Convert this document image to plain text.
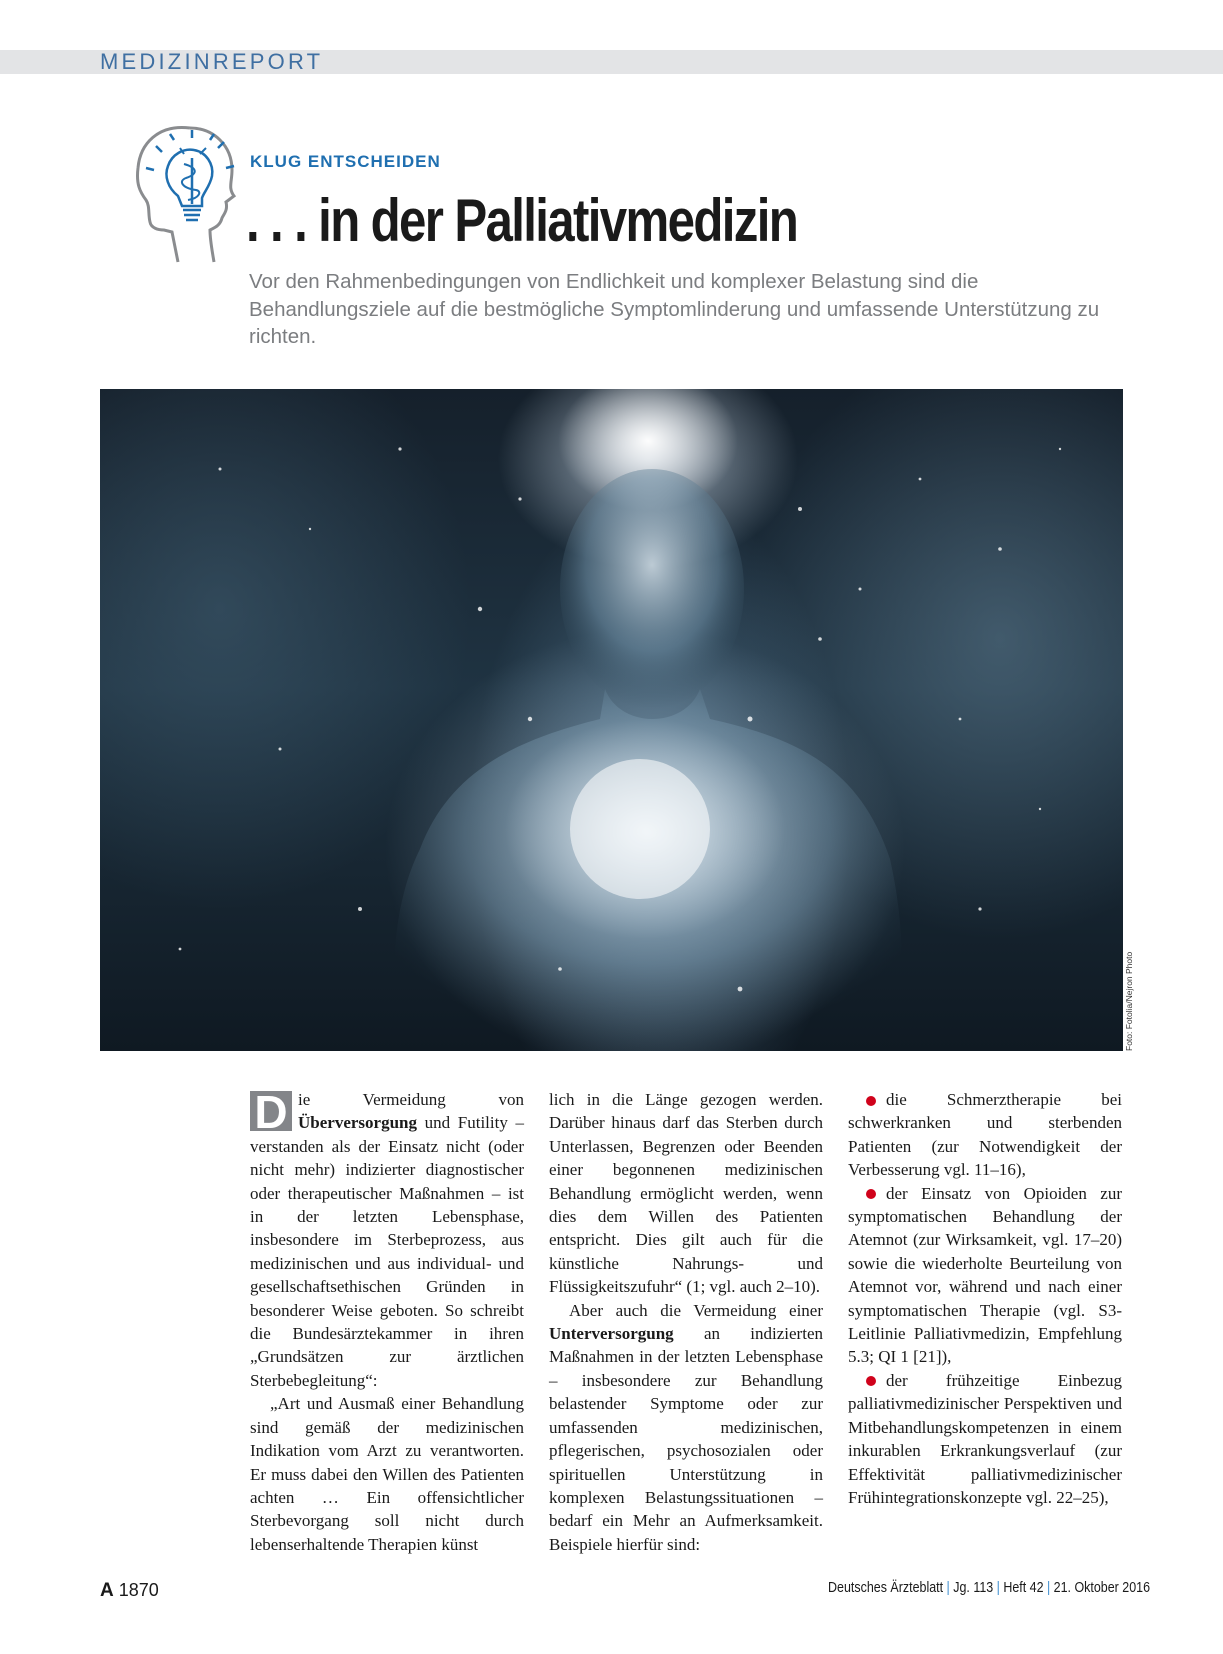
MEDIZINREPORT
KLUG ENTSCHEIDEN
. . . in der Palliativmedizin

Vor den Rahmenbedingungen von Endlichkeit und komplexer Belastung sind die Behandlungsziele auf die bestmögliche Symptomlinderung und umfassende Unterstützung zu richten.

Foto: Fotolia/Nejron Photo

D ie Vermeidung von Überversorgung und Futility – verstanden als der Einsatz nicht (oder nicht mehr) indizierter diagnostischer oder therapeutischer Maßnahmen – ist in der letzten Lebensphase, insbesondere im Sterbeprozess, aus medizinischen und aus individual- und gesellschaftsethischen Gründen in besonderer Weise geboten. So schreibt die Bundesärztekammer in ihren „Grundsätzen zur ärztlichen Sterbebegleitung“:

„Art und Ausmaß einer Behandlung sind gemäß der medizinischen Indikation vom Arzt zu verantworten. Er muss dabei den Willen des Patienten achten … Ein offensichtlicher Sterbevorgang soll nicht durch lebenserhaltende Therapien künst

lich in die Länge gezogen werden. Darüber hinaus darf das Sterben durch Unterlassen, Begrenzen oder Beenden einer begonnenen medizinischen Behandlung ermöglicht werden, wenn dies dem Willen des Patienten entspricht. Dies gilt auch für die künstliche Nahrungs- und Flüssigkeitszufuhr“ (1; vgl. auch 2–10).

Aber auch die Vermeidung einer Unterversorgung an indizierten Maßnahmen in der letzten Lebensphase – insbesondere zur Behandlung belastender Symptome oder zur umfassenden medizinischen, pflegerischen, psychosozialen oder spirituellen Unterstützung in komplexen Belastungssituationen – bedarf ein Mehr an Aufmerksamkeit. Beispiele hierfür sind:

die Schmerztherapie bei schwerkranken und sterbenden Patienten (zur Notwendigkeit der Verbesserung vgl. 11–16),

der Einsatz von Opioiden zur symptomatischen Behandlung der Atemnot (zur Wirksamkeit, vgl. 17–20) sowie die wiederholte Beurteilung von Atemnot vor, während und nach einer symptomatischen Therapie (vgl. S3-Leitlinie Palliativmedizin, Empfehlung 5.3; QI 1 [21]),

der frühzeitige Einbezug palliativmedizinischer Perspektiven und Mitbehandlungskompetenzen in einem inkurablen Erkrankungsverlauf (zur Effektivität palliativmedizinischer Frühintegrationskonzepte vgl. 22–25),

A 1870	Deutsches Ärzteblatt | Jg. 113 | Heft 42 | 21. Oktober 2016
